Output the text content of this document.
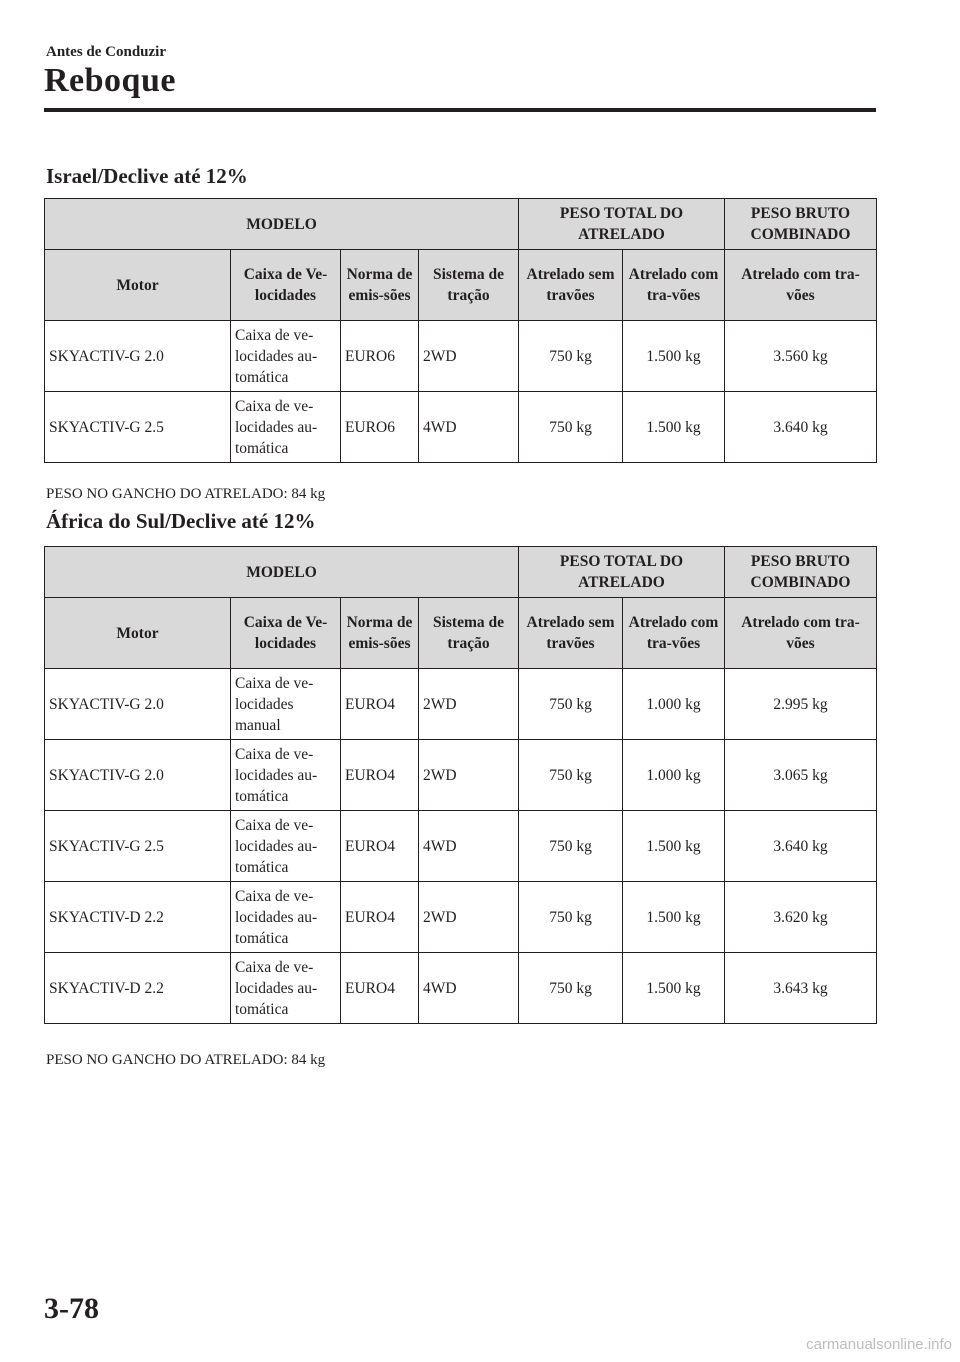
Antes de Conduzir
Reboque
Israel/Declive até 12%
MODELO				PESO TOTAL DO ATRELADO		PESO BRUTO COMBINADO
Motor	Caixa de Ve-locidades	Norma de emis-sões	Sistema de tração	Atrelado sem travões	Atrelado com tra-vões	Atrelado com tra-vões
SKYACTIV-G 2.0	Caixa de ve-locidades au-tomática	EURO6	2WD	750 kg	1.500 kg	3.560 kg
SKYACTIV-G 2.5	Caixa de ve-locidades au-tomática	EURO6	4WD	750 kg	1.500 kg	3.640 kg
PESO NO GANCHO DO ATRELADO: 84 kg
África do Sul/Declive até 12%
MODELO				PESO TOTAL DO ATRELADO		PESO BRUTO COMBINADO
Motor	Caixa de Ve-locidades	Norma de emis-sões	Sistema de tração	Atrelado sem travões	Atrelado com tra-vões	Atrelado com tra-vões
SKYACTIV-G 2.0	Caixa de ve-locidades manual	EURO4	2WD	750 kg	1.000 kg	2.995 kg
SKYACTIV-G 2.0	Caixa de ve-locidades au-tomática	EURO4	2WD	750 kg	1.000 kg	3.065 kg
SKYACTIV-G 2.5	Caixa de ve-locidades au-tomática	EURO4	4WD	750 kg	1.500 kg	3.640 kg
SKYACTIV-D 2.2	Caixa de ve-locidades au-tomática	EURO4	2WD	750 kg	1.500 kg	3.620 kg
SKYACTIV-D 2.2	Caixa de ve-locidades au-tomática	EURO4	4WD	750 kg	1.500 kg	3.643 kg
PESO NO GANCHO DO ATRELADO: 84 kg
3-78
carmanualsonline.info
